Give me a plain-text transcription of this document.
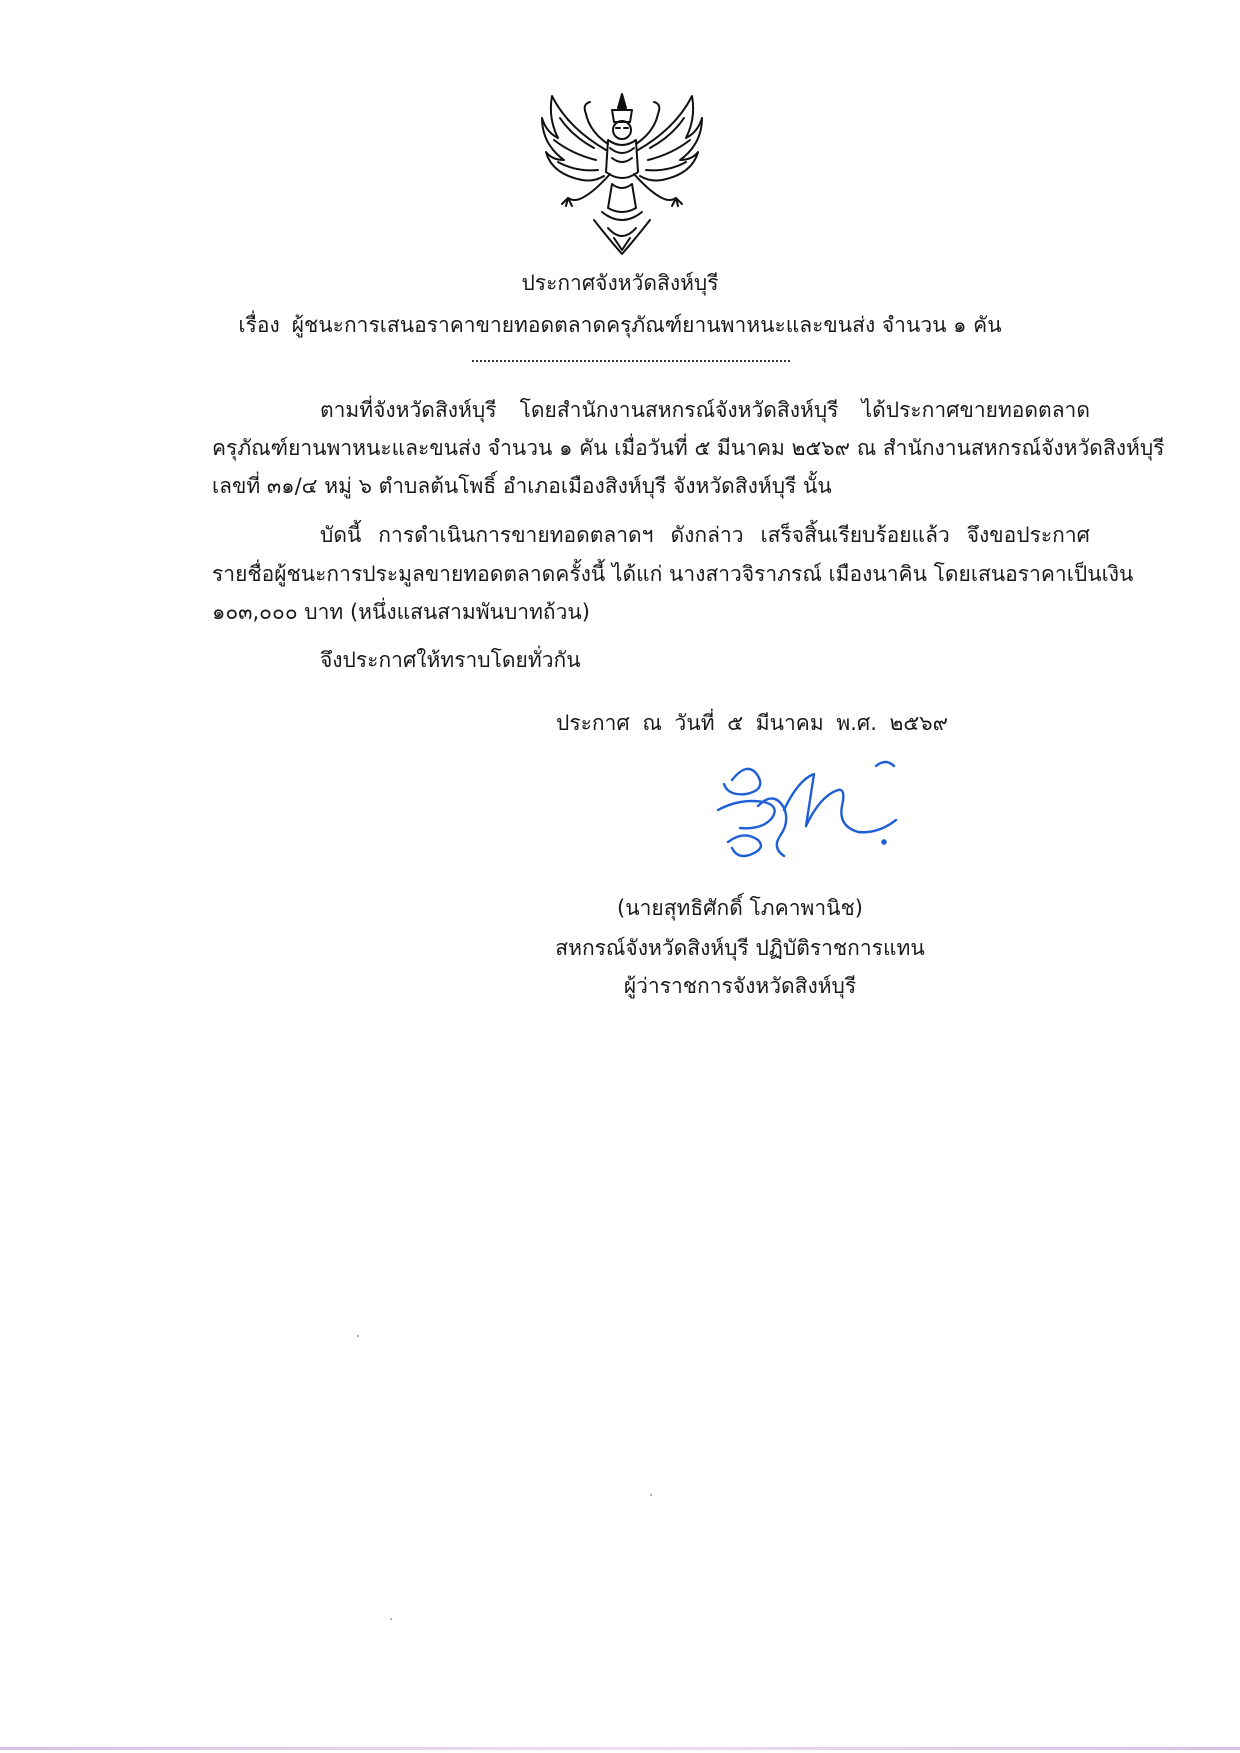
ประกาศจังหวัดสิงห์บุรี
เรื่อง ผู้ชนะการเสนอราคาขายทอดตลาดครุภัณฑ์ยานพาหนะและขนส่ง จำนวน ๑ คัน
ตามที่จังหวัดสิงห์บุรี โดยสำนักงานสหกรณ์จังหวัดสิงห์บุรี ได้ประกาศขายทอดตลาด
ครุภัณฑ์ยานพาหนะและขนส่ง จำนวน ๑ คัน เมื่อวันที่ ๕ มีนาคม ๒๕๖๙ ณ สำนักงานสหกรณ์จังหวัดสิงห์บุรี
เลขที่ ๓๑/๔ หมู่ ๖ ตำบลต้นโพธิ์ อำเภอเมืองสิงห์บุรี จังหวัดสิงห์บุรี นั้น
บัดนี้ การดำเนินการขายทอดตลาดฯ ดังกล่าว เสร็จสิ้นเรียบร้อยแล้ว จึงขอประกาศ
รายชื่อผู้ชนะการประมูลขายทอดตลาดครั้งนี้ ได้แก่ นางสาวจิราภรณ์ เมืองนาคิน โดยเสนอราคาเป็นเงิน
๑๐๓,๐๐๐ บาท (หนึ่งแสนสามพันบาทถ้วน)
จึงประกาศให้ทราบโดยทั่วกัน
ประกาศ ณ วันที่ ๕ มีนาคม พ.ศ. ๒๕๖๙
(นายสุทธิศักดิ์ โภคาพานิช)
สหกรณ์จังหวัดสิงห์บุรี ปฏิบัติราชการแทน
ผู้ว่าราชการจังหวัดสิงห์บุรี
